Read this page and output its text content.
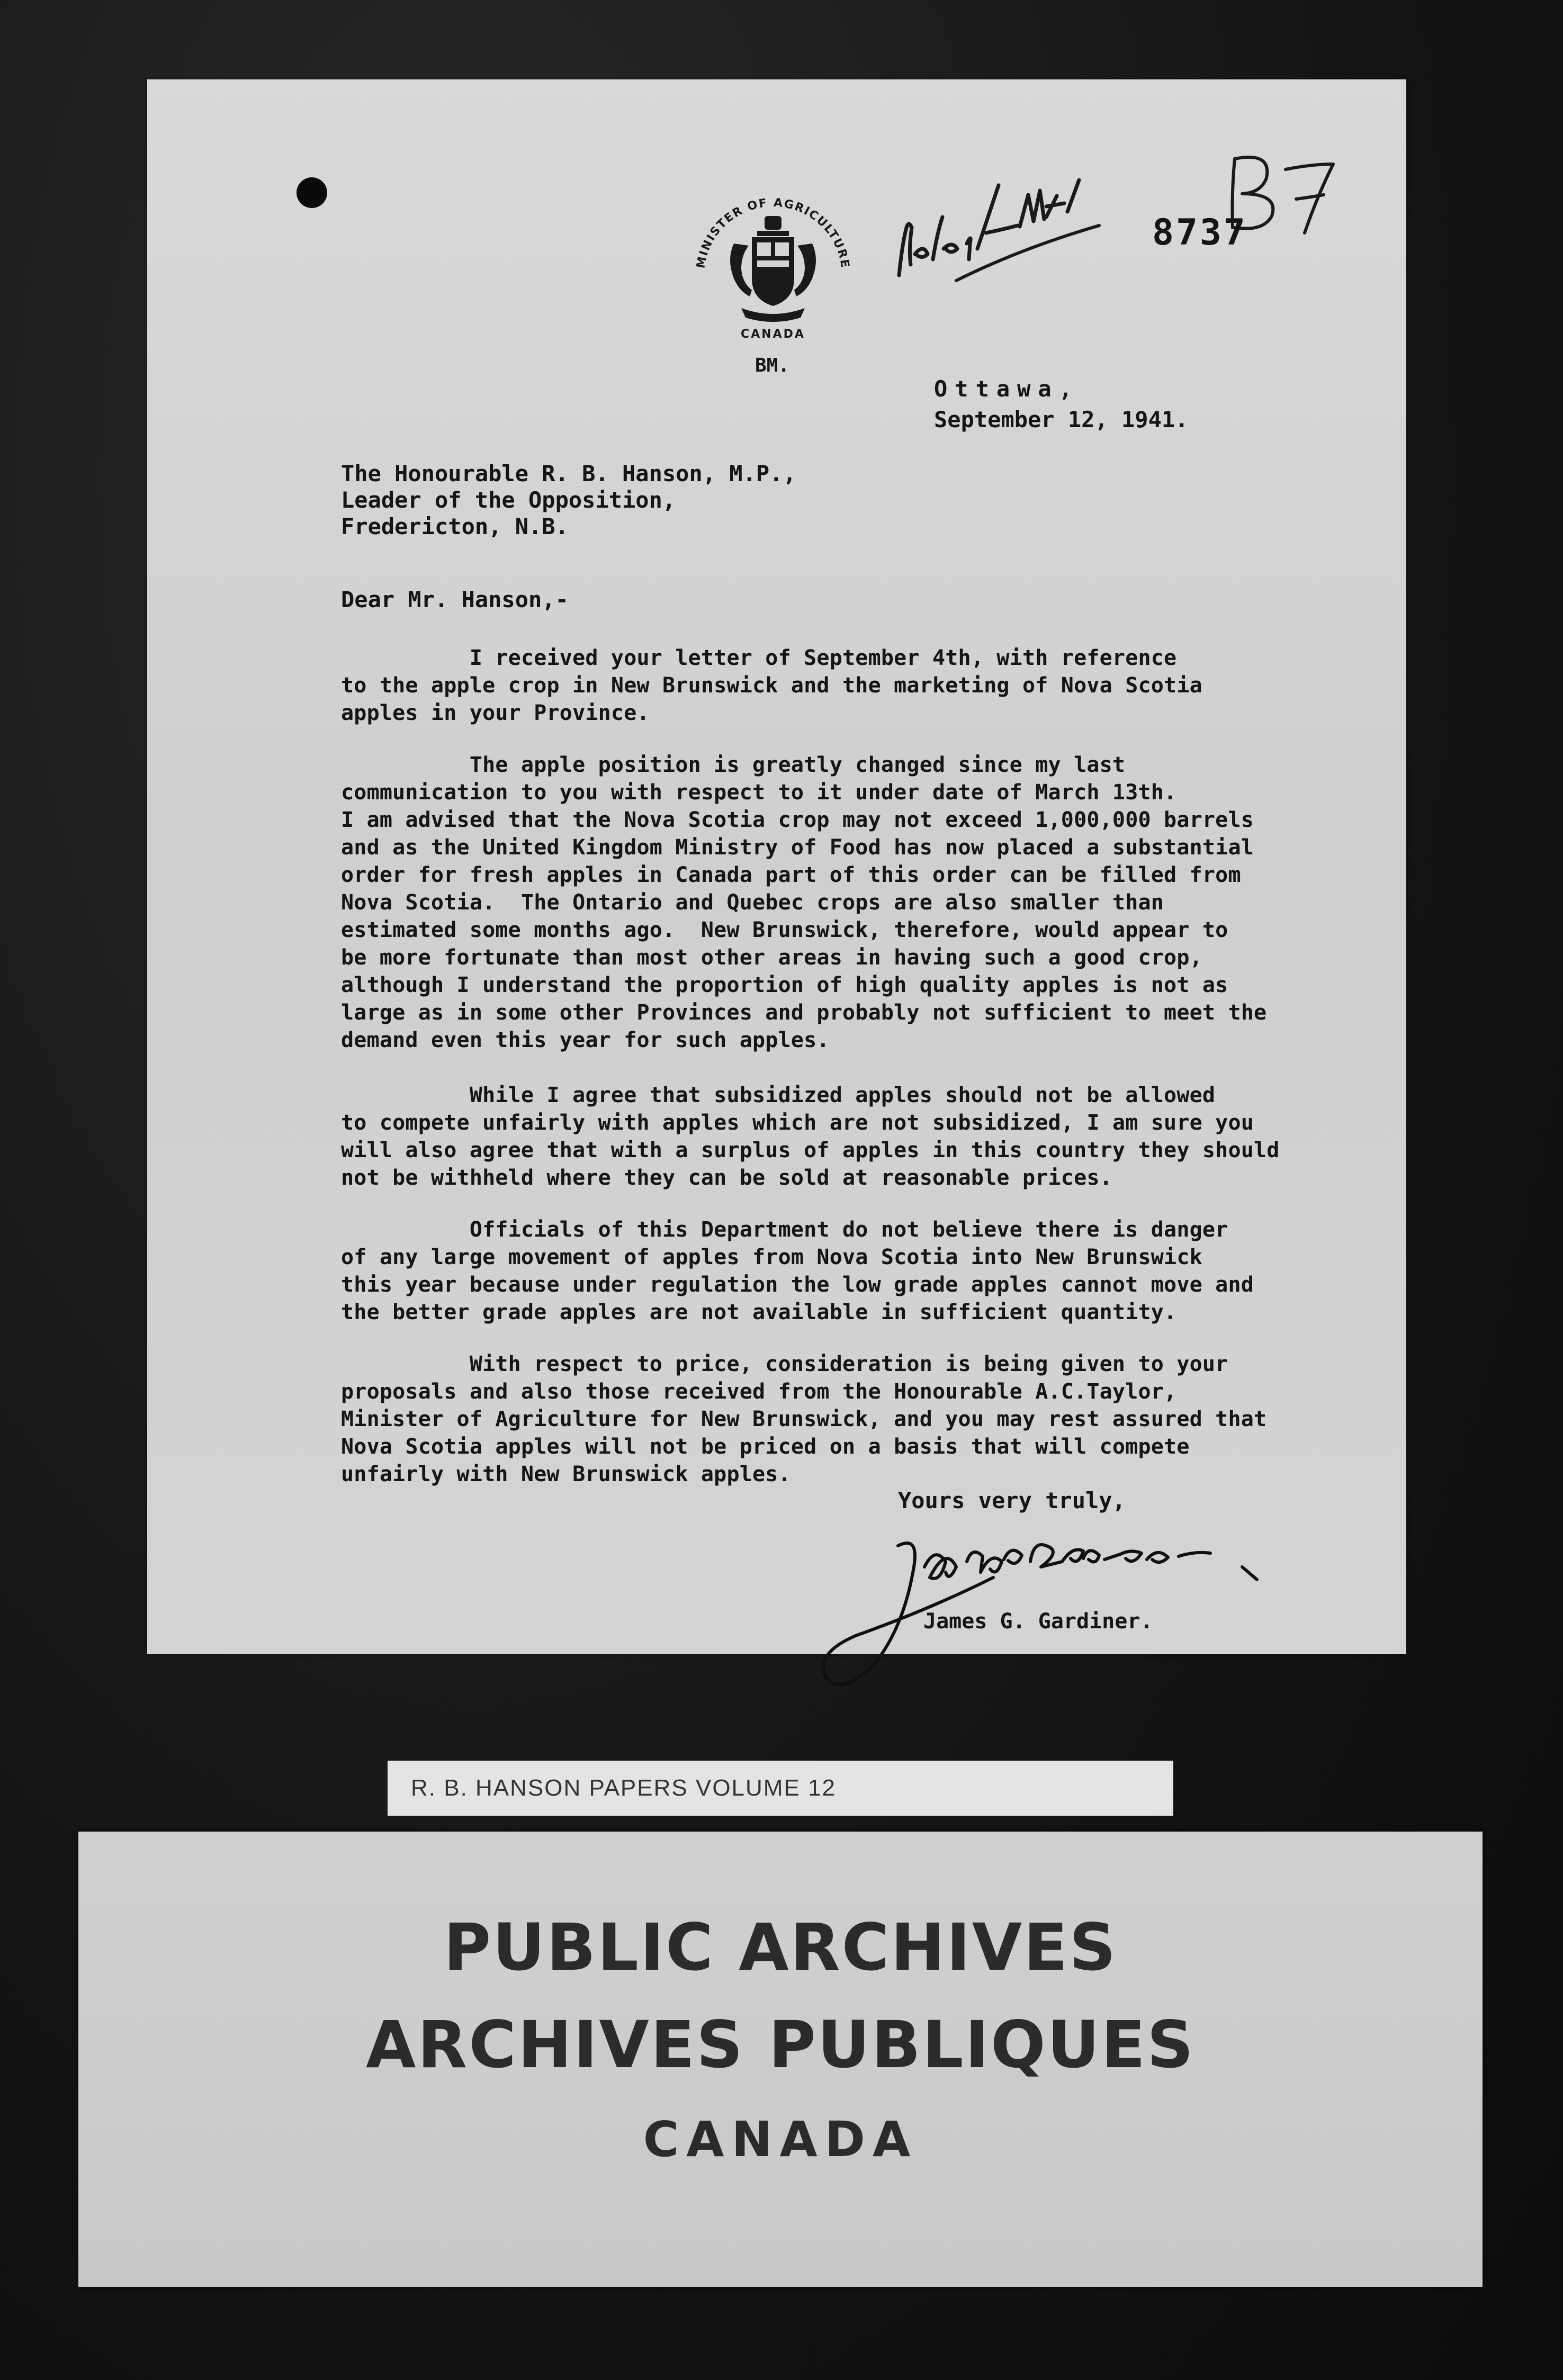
MINISTER OF AGRICULTURE
CANADA
BM.
8737
Ottawa,
September 12, 1941.
The Honourable R. B. Hanson, M.P.,
Leader of the Opposition,
Fredericton, N.B.
Dear Mr. Hanson,-
I received your letter of September 4th, with reference
to the apple crop in New Brunswick and the marketing of Nova Scotia
apples in your Province.
The apple position is greatly changed since my last
communication to you with respect to it under date of March 13th.
I am advised that the Nova Scotia crop may not exceed 1,000,000 barrels
and as the United Kingdom Ministry of Food has now placed a substantial
order for fresh apples in Canada part of this order can be filled from
Nova Scotia.  The Ontario and Quebec crops are also smaller than
estimated some months ago.  New Brunswick, therefore, would appear to
be more fortunate than most other areas in having such a good crop,
although I understand the proportion of high quality apples is not as
large as in some other Provinces and probably not sufficient to meet the
demand even this year for such apples.
While I agree that subsidized apples should not be allowed
to compete unfairly with apples which are not subsidized, I am sure you
will also agree that with a surplus of apples in this country they should
not be withheld where they can be sold at reasonable prices.
Officials of this Department do not believe there is danger
of any large movement of apples from Nova Scotia into New Brunswick
this year because under regulation the low grade apples cannot move and
the better grade apples are not available in sufficient quantity.
With respect to price, consideration is being given to your
proposals and also those received from the Honourable A.C.Taylor,
Minister of Agriculture for New Brunswick, and you may rest assured that
Nova Scotia apples will not be priced on a basis that will compete
unfairly with New Brunswick apples.
Yours very truly,
James G. Gardiner.
R. B. HANSON PAPERS VOLUME 12
PUBLIC ARCHIVES
ARCHIVES PUBLIQUES
CANADA
